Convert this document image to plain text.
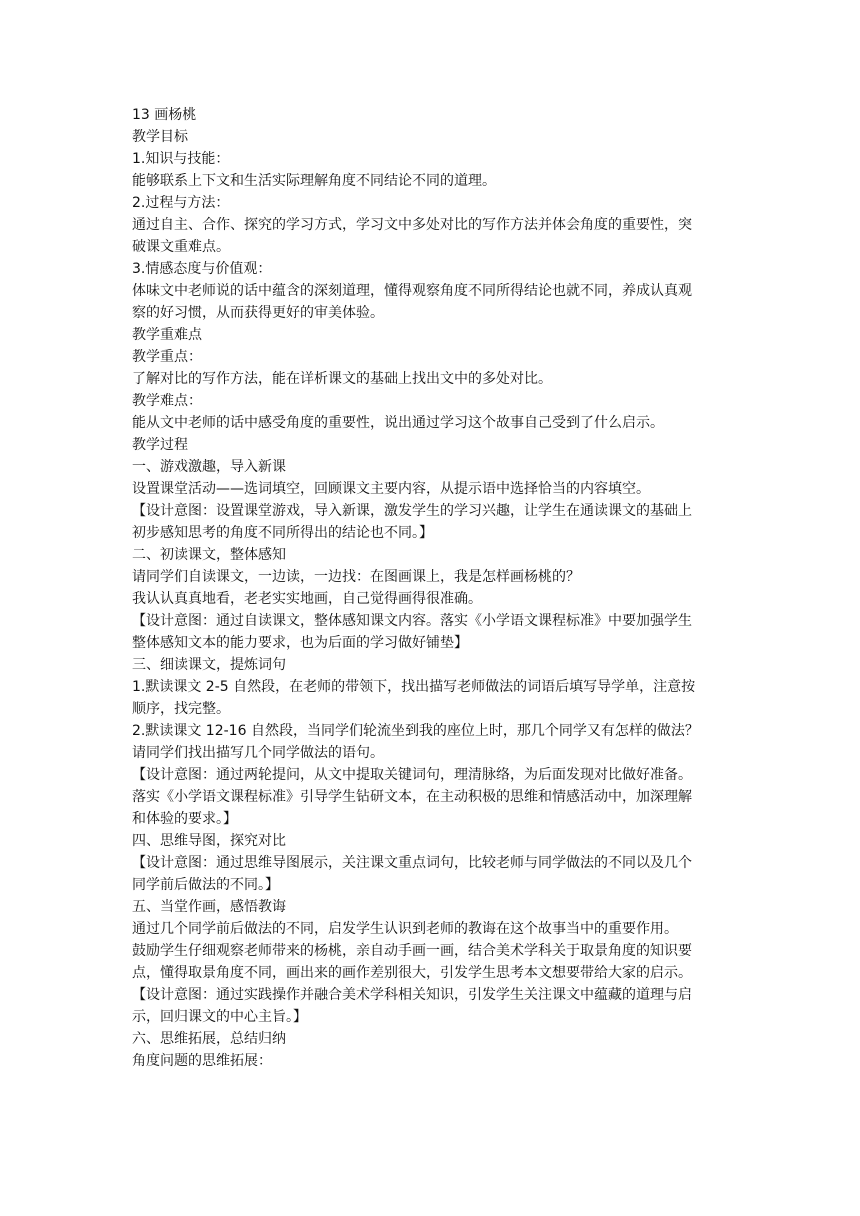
13 画杨桃
教学目标
1.知识与技能：
能够联系上下文和生活实际理解角度不同结论不同的道理。
2.过程与方法：
通过自主、合作、探究的学习方式，学习文中多处对比的写作方法并体会角度的重要性，突
破课文重难点。
3.情感态度与价值观：
体味文中老师说的话中蕴含的深刻道理，懂得观察角度不同所得结论也就不同，养成认真观
察的好习惯，从而获得更好的审美体验。
教学重难点
教学重点：
了解对比的写作方法，能在详析课文的基础上找出文中的多处对比。
教学难点：
能从文中老师的话中感受角度的重要性，说出通过学习这个故事自己受到了什么启示。
教学过程
一、游戏激趣，导入新课
设置课堂活动——选词填空，回顾课文主要内容，从提示语中选择恰当的内容填空。
【设计意图：设置课堂游戏，导入新课，激发学生的学习兴趣，让学生在通读课文的基础上
初步感知思考的角度不同所得出的结论也不同。】
二、初读课文，整体感知
请同学们自读课文，一边读，一边找：在图画课上，我是怎样画杨桃的？
我认认真真地看，老老实实地画，自己觉得画得很准确。
【设计意图：通过自读课文，整体感知课文内容。落实《小学语文课程标准》中要加强学生
整体感知文本的能力要求，也为后面的学习做好铺垫】
三、细读课文，提炼词句
1.默读课文 2-5 自然段，在老师的带领下，找出描写老师做法的词语后填写导学单，注意按
顺序，找完整。
2.默读课文 12-16 自然段，当同学们轮流坐到我的座位上时，那几个同学又有怎样的做法？
请同学们找出描写几个同学做法的语句。
【设计意图：通过两轮提问，从文中提取关键词句，理清脉络，为后面发现对比做好准备。
落实《小学语文课程标准》引导学生钻研文本，在主动积极的思维和情感活动中，加深理解
和体验的要求。】
四、思维导图，探究对比
【设计意图：通过思维导图展示，关注课文重点词句，比较老师与同学做法的不同以及几个
同学前后做法的不同。】
五、当堂作画，感悟教诲
通过几个同学前后做法的不同，启发学生认识到老师的教诲在这个故事当中的重要作用。
鼓励学生仔细观察老师带来的杨桃，亲自动手画一画，结合美术学科关于取景角度的知识要
点，懂得取景角度不同，画出来的画作差别很大，引发学生思考本文想要带给大家的启示。
【设计意图：通过实践操作并融合美术学科相关知识，引发学生关注课文中蕴藏的道理与启
示，回归课文的中心主旨。】
六、思维拓展，总结归纳
角度问题的思维拓展：
